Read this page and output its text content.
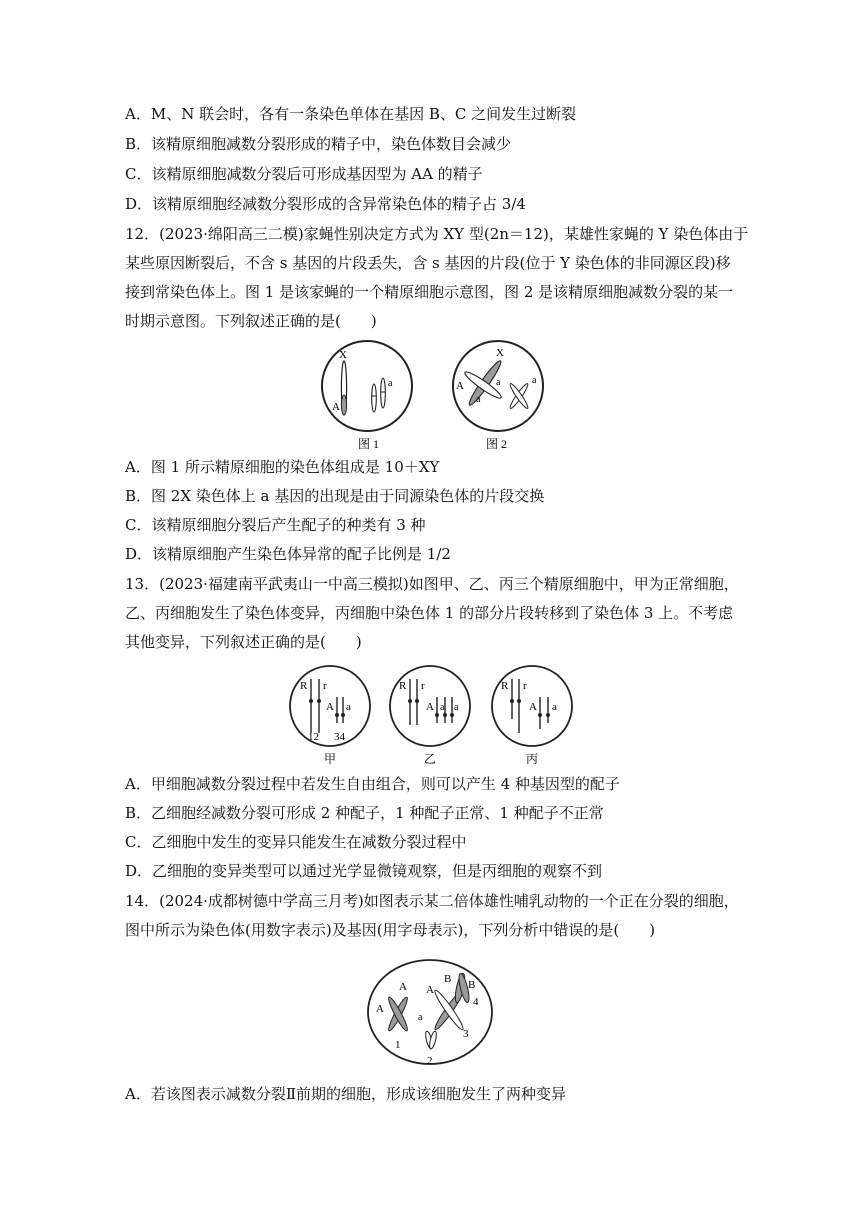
A．M、N 联会时，各有一条染色单体在基因 B、C 之间发生过断裂
B．该精原细胞减数分裂形成的精子中，染色体数目会减少
C．该精原细胞减数分裂后可形成基因型为 AA 的精子
D．该精原细胞经减数分裂形成的含异常染色体的精子占 3/4
12．(2023·绵阳高三二模)家蝇性别决定方式为 XY 型(2n＝12)，某雄性家蝇的 Y 染色体由于
某些原因断裂后，不含 s 基因的片段丢失，含 s 基因的片段(位于 Y 染色体的非同源区段)移
接到常染色体上。图 1 是该家蝇的一个精原细胞示意图，图 2 是该精原细胞减数分裂的某一
时期示意图。下列叙述正确的是(　　)
X
A
a
图 1
X
A
a
a	a
图 2
A．图 1 所示精原细胞的染色体组成是 10＋XY
B．图 2X 染色体上 a 基因的出现是由于同源染色体的片段交换
C．该精原细胞分裂后产生配子的种类有 3 种
D．该精原细胞产生染色体异常的配子比例是 1/2
13．(2023·福建南平武夷山一中高三模拟)如图甲、乙、丙三个精原细胞中，甲为正常细胞，
乙、丙细胞发生了染色体变异，丙细胞中染色体 1 的部分片段转移到了染色体 3 上。不考虑
其他变异，下列叙述正确的是(　　)
R r
A a
12 34
甲
R r
A a a
乙
R r
A a
丙
A．甲细胞减数分裂过程中若发生自由组合，则可以产生 4 种基因型的配子
B．乙细胞经减数分裂可形成 2 种配子，1 种配子正常、1 种配子不正常
C．乙细胞中发生的变异只能发生在减数分裂过程中
D．乙细胞的变异类型可以通过光学显微镜观察，但是丙细胞的观察不到
14．(2024·成都树德中学高三月考)如图表示某二倍体雄性哺乳动物的一个正在分裂的细胞，
图中所示为染色体(用数字表示)及基因(用字母表示)，下列分析中错误的是(　　)
A
A
A
a
B B
1
2
3
4
A．若该图表示减数分裂Ⅱ前期的细胞，形成该细胞发生了两种变异
